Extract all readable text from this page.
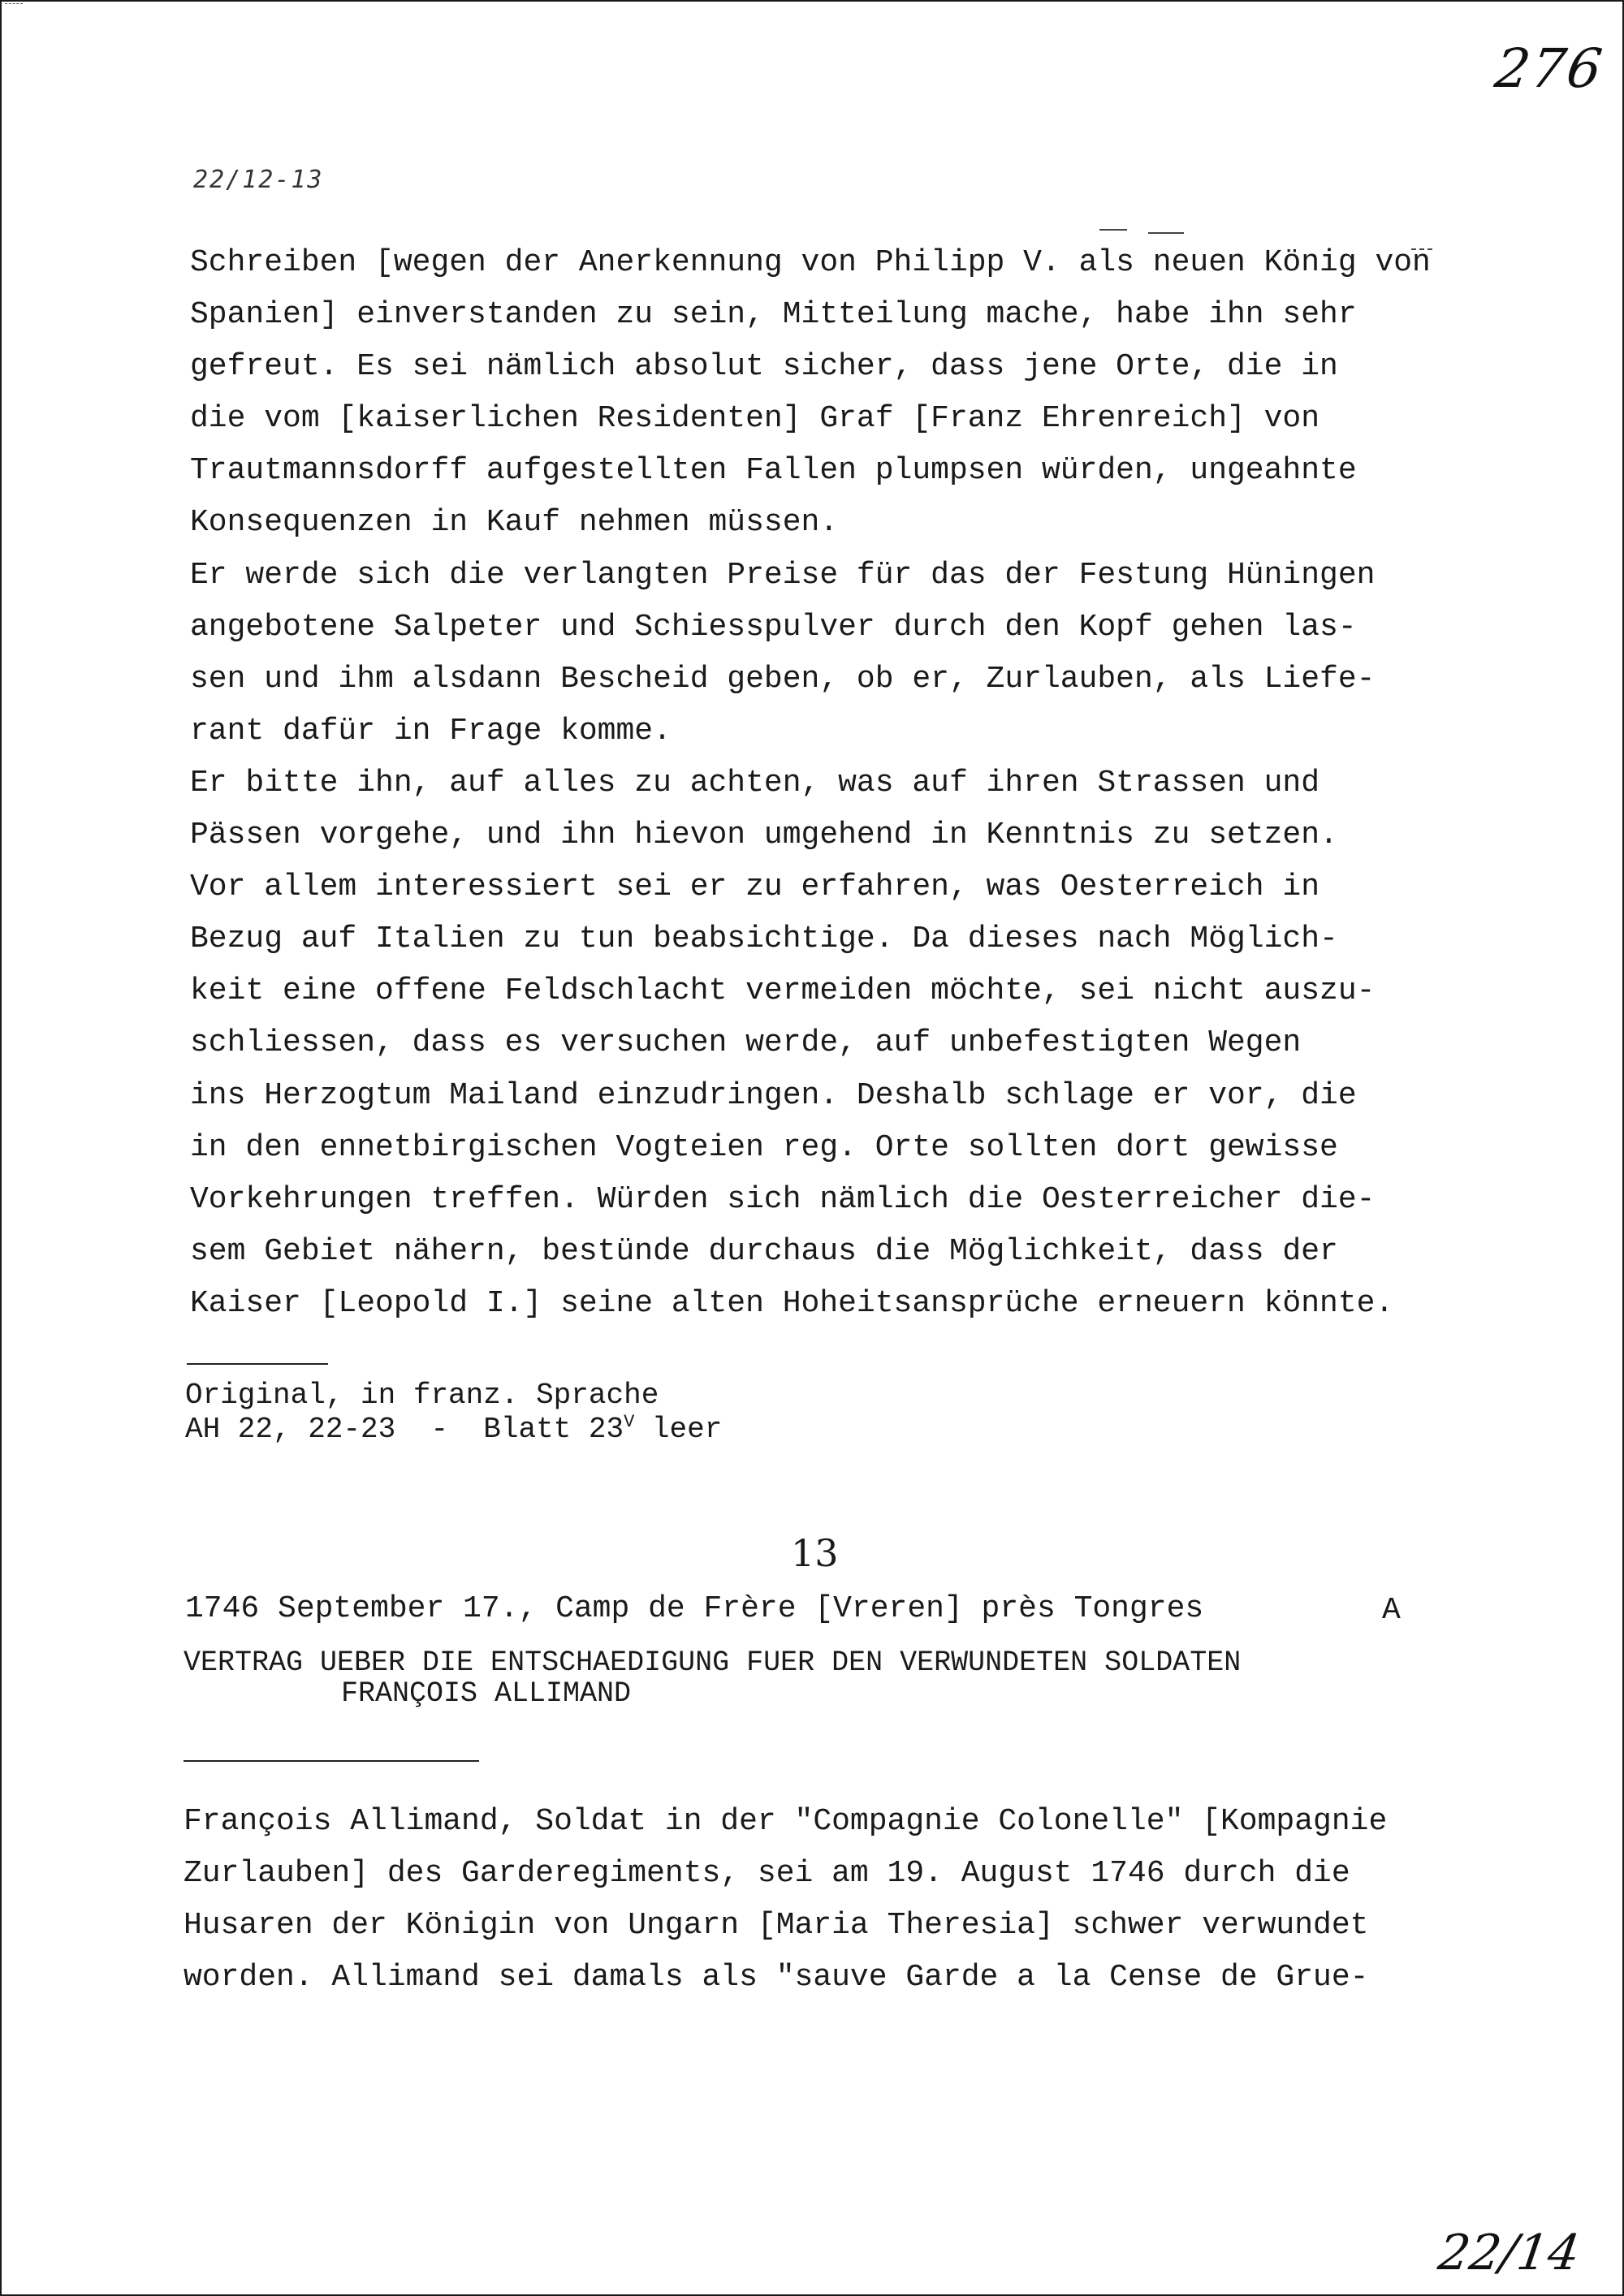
276
22/12-13
Schreiben [wegen der Anerkennung von Philipp V. als neuen König von
Spanien] einverstanden zu sein, Mitteilung mache, habe ihn sehr
gefreut. Es sei nämlich absolut sicher, dass jene Orte, die in
die vom [kaiserlichen Residenten] Graf [Franz Ehrenreich] von
Trautmannsdorff aufgestellten Fallen plumpsen würden, ungeahnte
Konsequenzen in Kauf nehmen müssen.
Er werde sich die verlangten Preise für das der Festung Hüningen
angebotene Salpeter und Schiesspulver durch den Kopf gehen las-
sen und ihm alsdann Bescheid geben, ob er, Zurlauben, als Liefe-
rant dafür in Frage komme.
Er bitte ihn, auf alles zu achten, was auf ihren Strassen und
Pässen vorgehe, und ihn hievon umgehend in Kenntnis zu setzen.
Vor allem interessiert sei er zu erfahren, was Oesterreich in
Bezug auf Italien zu tun beabsichtige. Da dieses nach Möglich-
keit eine offene Feldschlacht vermeiden möchte, sei nicht auszu-
schliessen, dass es versuchen werde, auf unbefestigten Wegen
ins Herzogtum Mailand einzudringen. Deshalb schlage er vor, die
in den ennetbirgischen Vogteien reg. Orte sollten dort gewisse
Vorkehrungen treffen. Würden sich nämlich die Oesterreicher die-
sem Gebiet nähern, bestünde durchaus die Möglichkeit, dass der
Kaiser [Leopold I.] seine alten Hoheitsansprüche erneuern könnte.
Original, in franz. Sprache
AH 22, 22-23  -  Blatt 23$^V$ leer
13
1746 September 17., Camp de Frère [Vreren] près Tongres	A
VERTRAG UEBER DIE ENTSCHAEDIGUNG FUER DEN VERWUNDETEN SOLDATEN
FRANÇOIS ALLIMAND
François Allimand, Soldat in der "Compagnie Colonelle" [Kompagnie
Zurlauben] des Garderegiments, sei am 19. August 1746 durch die
Husaren der Königin von Ungarn [Maria Theresia] schwer verwundet
worden. Allimand sei damals als "sauve Garde a la Cense de Grue-
22/14
